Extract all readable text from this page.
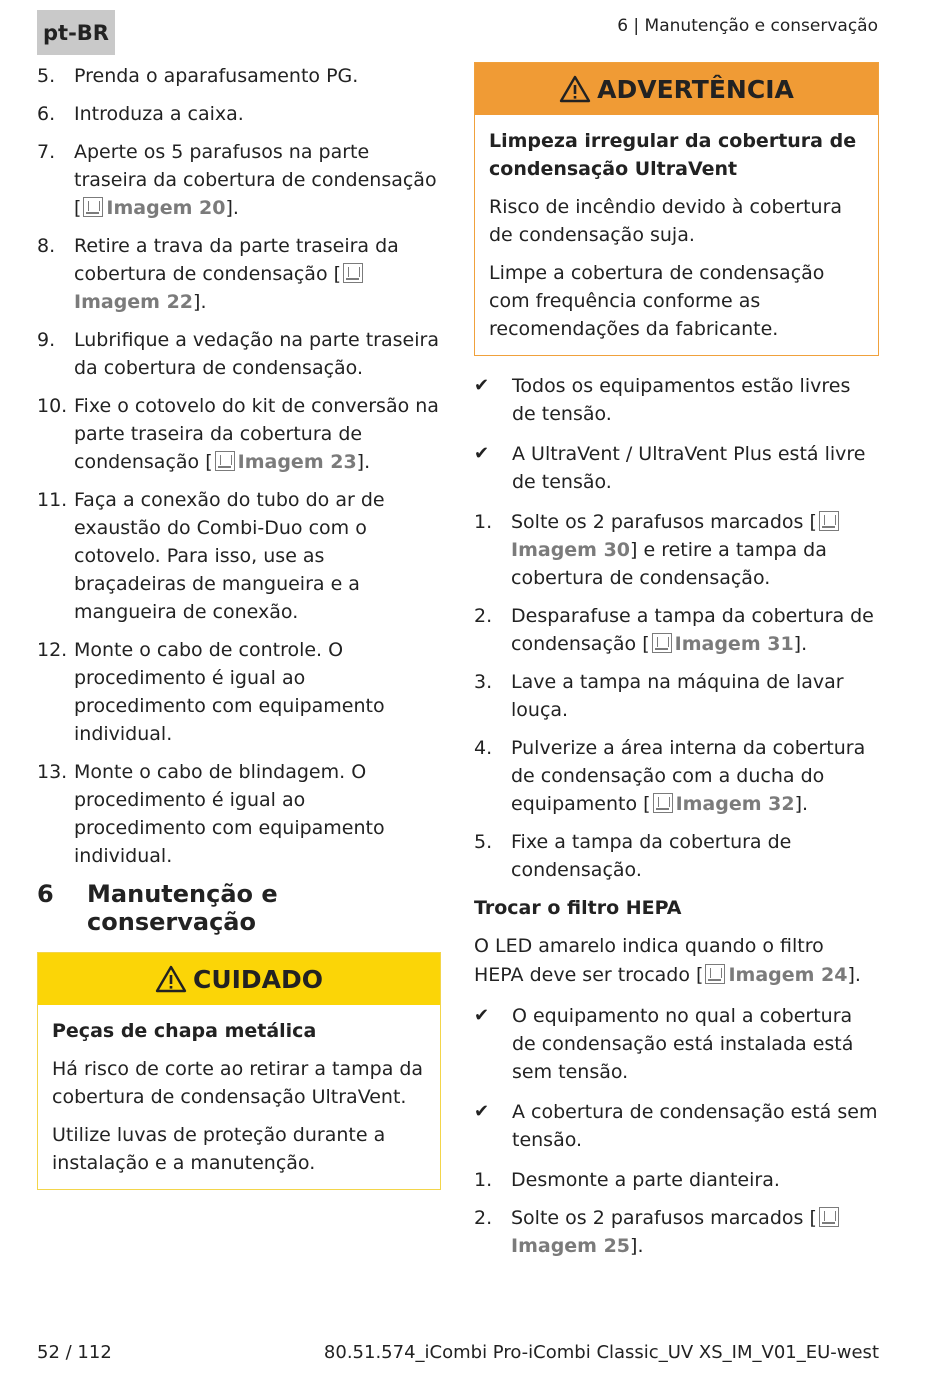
pt-BR	6 | Manutenção e conservação
5. Prenda o aparafusamento PG.
6. Introduza a caixa.
7. Aperte os 5 parafusos na parte traseira da cobertura de condensação [ Imagem 20].
8. Retire a trava da parte traseira da cobertura de condensação [Imagem 22].
9. Lubrifique a vedação na parte traseira da cobertura de condensação.
10. Fixe o cotovelo do kit de conversão na parte traseira da cobertura de condensação [ Imagem 23].
11. Faça a conexão do tubo do ar de exaustão do Combi-Duo com o cotovelo. Para isso, use as braçadeiras de mangueira e a mangueira de conexão.
12. Monte o cabo de controle. O procedimento é igual ao procedimento com equipamento individual.
13. Monte o cabo de blindagem. O procedimento é igual ao procedimento com equipamento individual.
6	Manutenção e conservação
CUIDADO

Peças de chapa metálica

Há risco de corte ao retirar a tampa da cobertura de condensação UltraVent.

Utilize luvas de proteção durante a instalação e a manutenção.

ADVERTÊNCIA

Limpeza irregular da cobertura de condensação UltraVent

Risco de incêndio devido à cobertura de condensação suja.

Limpe a cobertura de condensação com frequência conforme as recomendações da fabricante.

✔	Todos os equipamentos estão livres de tensão.
✔	A UltraVent / UltraVent Plus está livre de tensão.
1. Solte os 2 parafusos marcados [Imagem 30] e retire a tampa da cobertura de condensação.
2. Desparafuse a tampa da cobertura de condensação [ Imagem 31].
3. Lave a tampa na máquina de lavar louça.
4. Pulverize a área interna da cobertura de condensação com a ducha do equipamento [ Imagem 32].
5. Fixe a tampa da cobertura de condensação.
Trocar o filtro HEPA
O LED amarelo indica quando o filtro HEPA deve ser trocado [ Imagem 24].
✔	O equipamento no qual a cobertura de condensação está instalada está sem tensão.
✔	A cobertura de condensação está sem tensão.
1. Desmonte a parte dianteira.
2. Solte os 2 parafusos marcados [Imagem 25].
52 / 112	80.51.574_iCombi Pro-iCombi Classic_UV XS_IM_V01_EU-west
